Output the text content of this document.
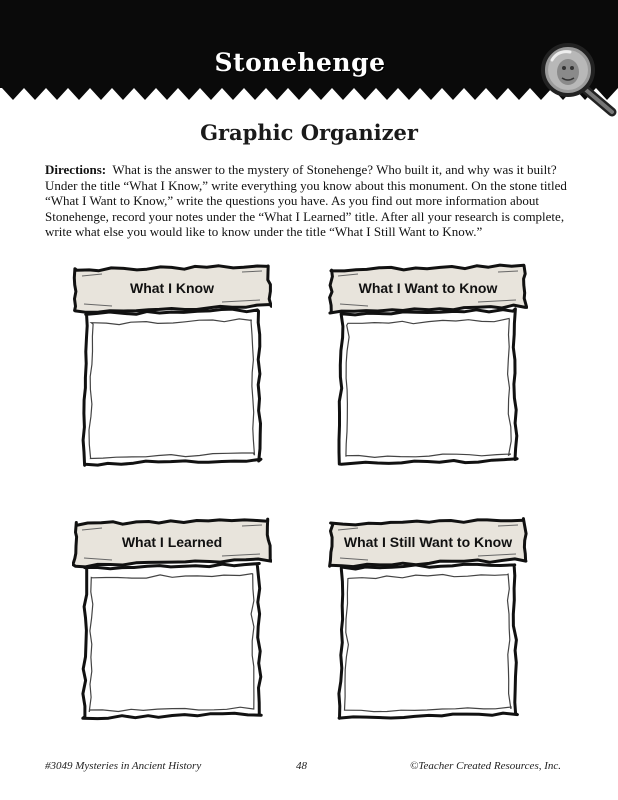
Stonehenge
Graphic Organizer
Directions: What is the answer to the mystery of Stonehenge? Who built it, and why was it built? Under the title “What I Know,” write everything you know about this monument. On the stone titled “What I Want to Know,” write the questions you have. As you find out more information about Stonehenge, record your notes under the “What I Learned” title. After all your research is complete, write what else you would like to know under the title “What I Still Want to Know.”
What I Know	What I Want to Know
What I Learned	What I Still Want to Know
#3049 Mysteries in Ancient History	48	©Teacher Created Resources, Inc.
